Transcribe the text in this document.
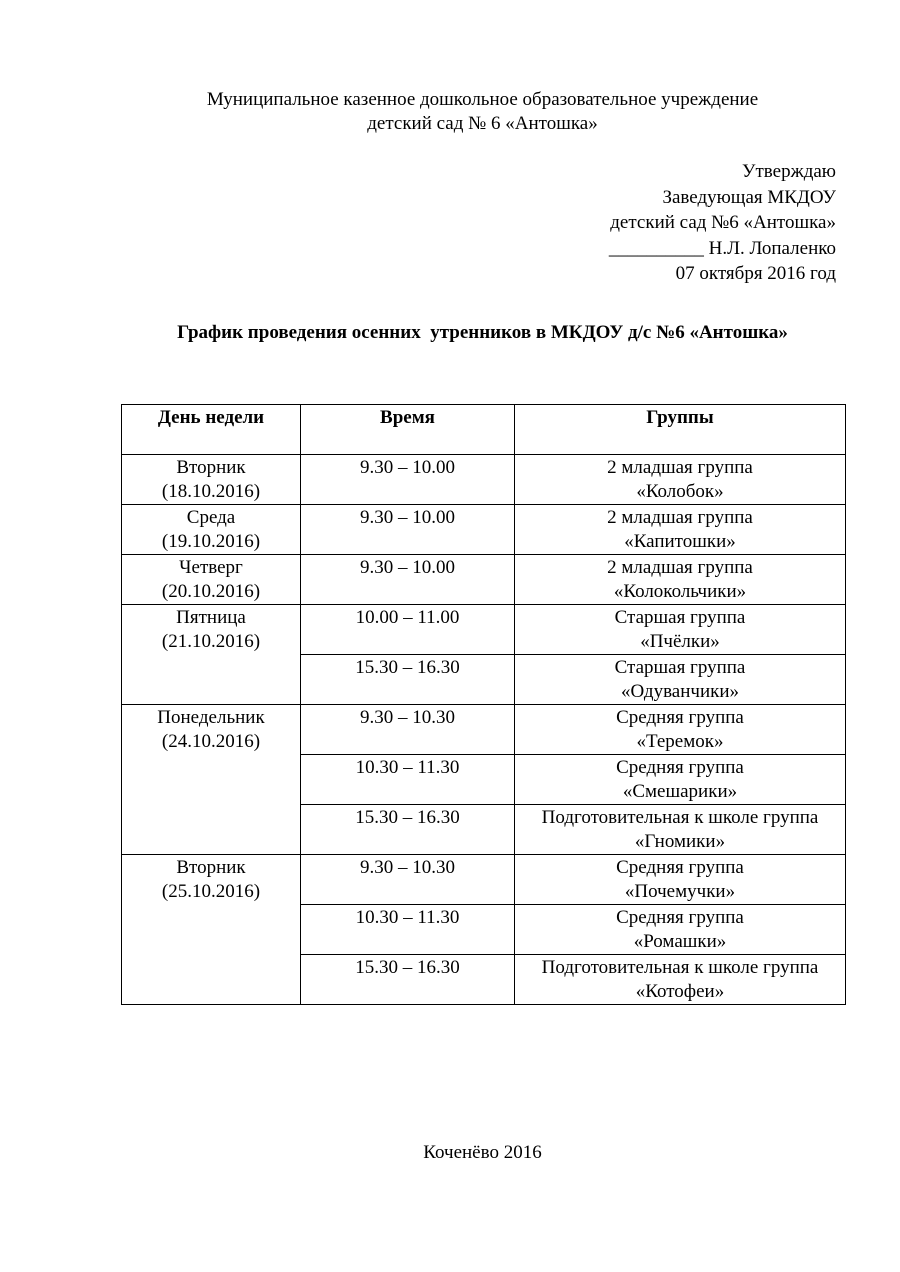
Муниципальное казенное дошкольное образовательное учреждение
детский сад № 6 «Антошка»
Утверждаю
Заведующая МКДОУ
детский сад №6 «Антошка»
__________ Н.Л. Лопаленко
07 октября 2016 год
График проведения осенних  утренников в МКДОУ д/с №6 «Антошка»
День недели	Время	Группы

Вторник
(18.10.2016)	9.30 – 10.00	2 младшая группа
«Колобок»

Среда
(19.10.2016)	9.30 – 10.00	2 младшая группа
«Капитошки»

Четверг
(20.10.2016)	9.30 – 10.00	2 младшая группа
«Колокольчики»

Пятница
(21.10.2016)	10.00 – 11.00	Старшая группа
«Пчёлки»

	15.30 – 16.30	Старшая группа
«Одуванчики»

Понедельник
(24.10.2016)	9.30 – 10.30	Средняя группа
«Теремок»

	10.30 – 11.30	Средняя группа
«Смешарики»

	15.30 – 16.30	Подготовительная к школе группа
«Гномики»

Вторник
(25.10.2016)	9.30 – 10.30	Средняя группа
«Почемучки»

	10.30 – 11.30	Средняя группа
«Ромашки»

	15.30 – 16.30	Подготовительная к школе группа
«Котофеи»
Коченёво 2016
